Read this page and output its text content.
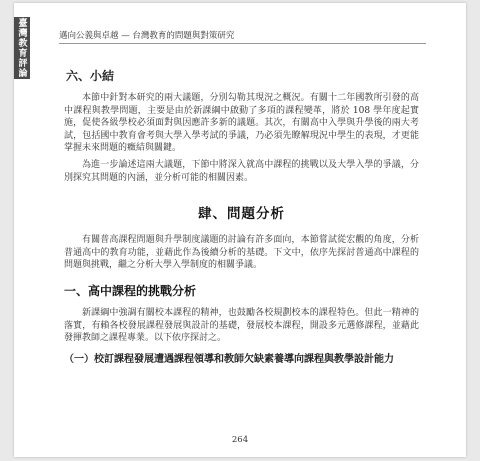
臺灣教育評論	邁向公義與卓越 — 台灣教育的問題與對策研究
六、小結

本節中針對本研究的兩大議題，分別勾勒其現況之概況。有關十二年國教所引發的高中課程與教學問題，主要是由於新課綱中啟動了多項的課程變革，將於 108 學年度起實施，促使各級學校必須面對與因應許多新的議題。其次，有關高中入學與升學後的兩大考試，包括國中教育會考與大學入學考試的爭議，乃必須先瞭解現況中學生的表現，才更能掌握未來問題的癥結與關鍵。

為進一步論述這兩大議題，下節中將深入就高中課程的挑戰以及大學入學的爭議，分別探究其問題的內涵，並分析可能的相關因素。

肆、問題分析

有關普高課程問題與升學制度議題的討論有許多面向，本節嘗試從宏觀的角度，分析普通高中的教育功能，並藉此作為後續分析的基礎。下文中，依序先探討普通高中課程的問題與挑戰，繼之分析大學入學制度的相關爭議。

一、高中課程的挑戰分析

新課綱中強調有關校本課程的精神，也鼓勵各校規劃校本的課程特色。但此一精神的落實，有賴各校發展課程發展與設計的基礎，發展校本課程，開設多元選修課程，並藉此發揮教師之課程專業。以下依序探討之。

（一）校訂課程發展遭遇課程領導和教師欠缺素養導向課程與教學設計能力
264
